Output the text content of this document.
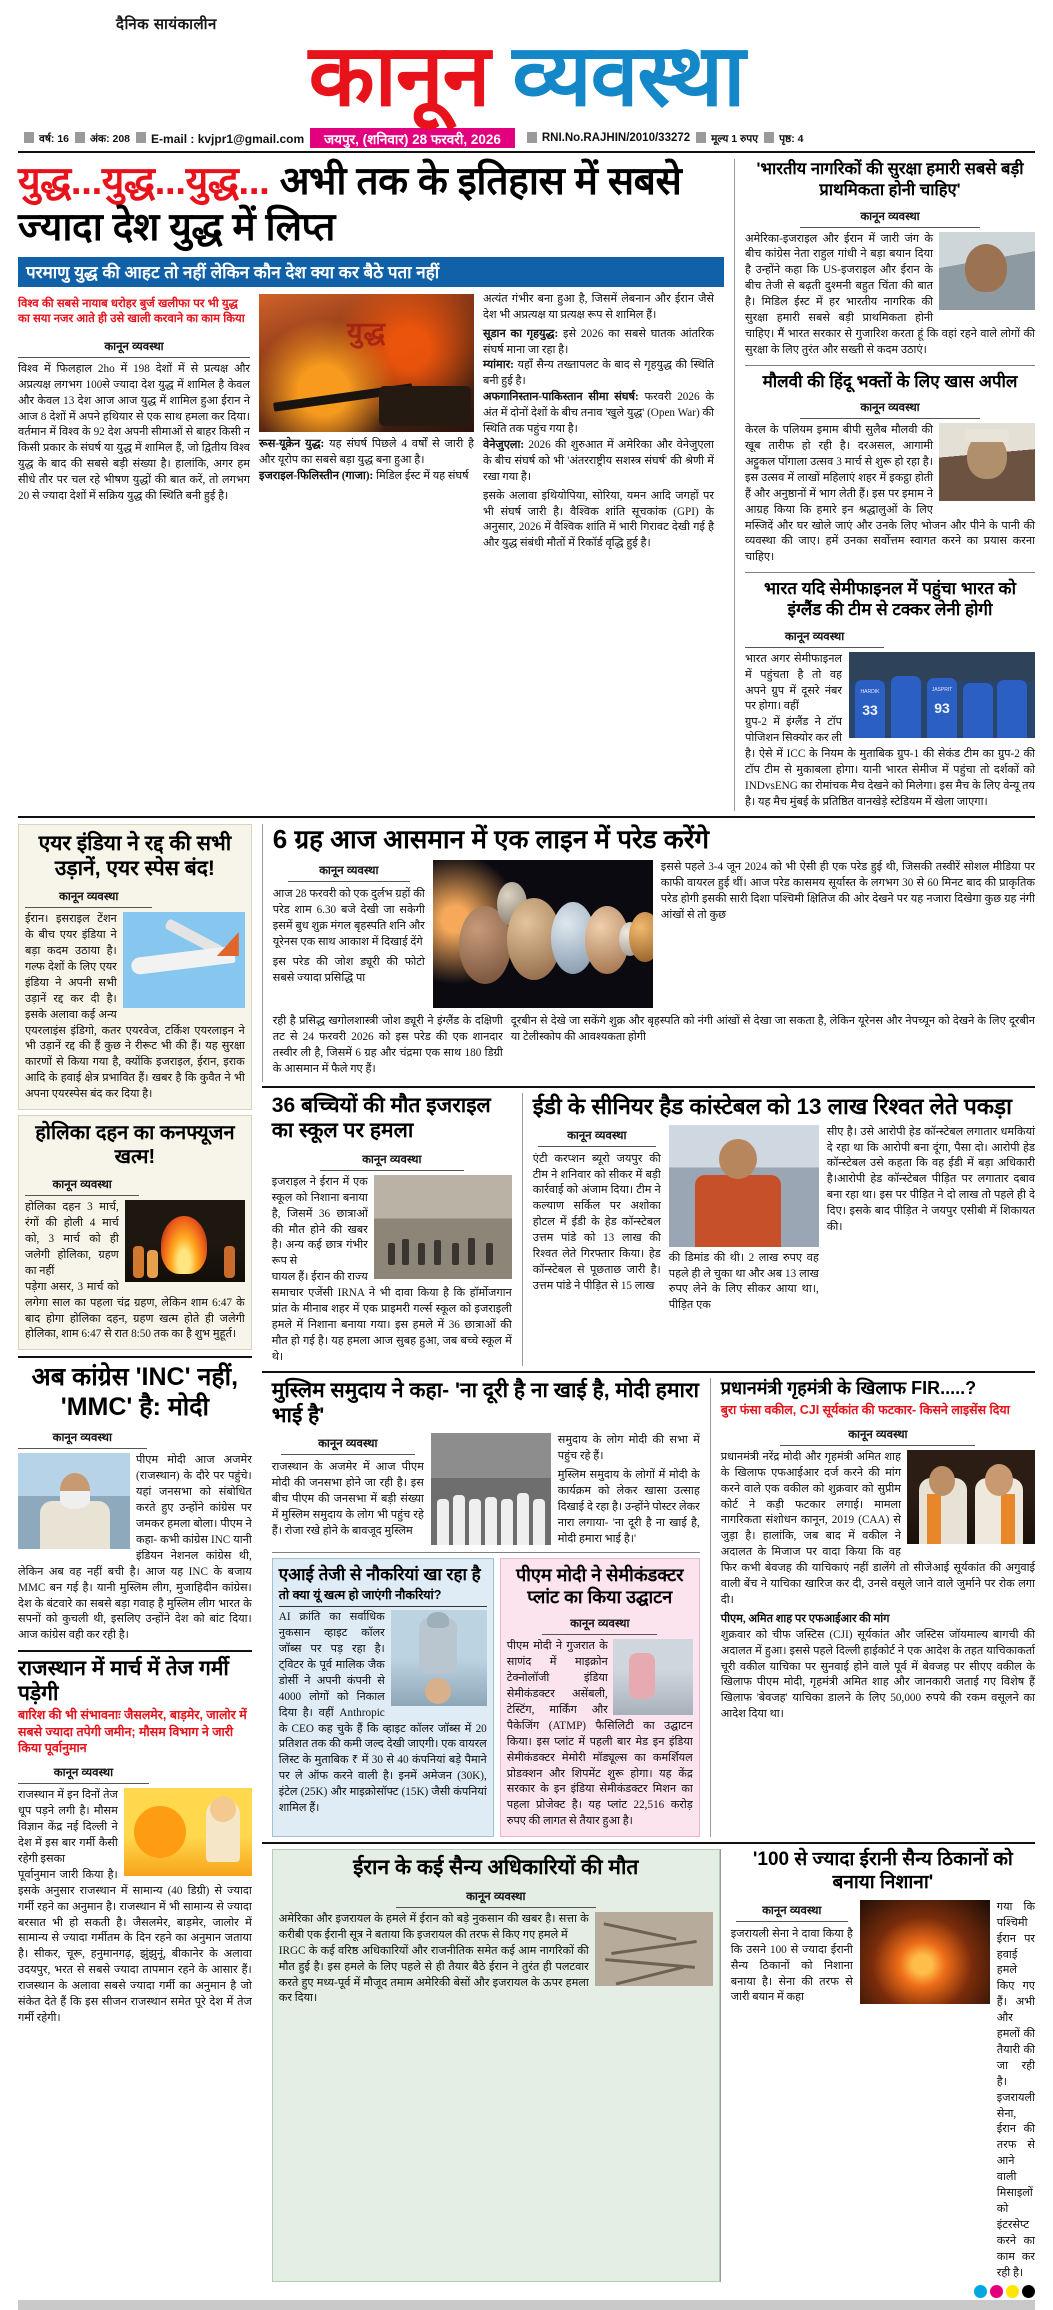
दैनिक सायंकालीन
कानून व्यवस्था
वर्ष: 16 अंक: 208 E-mail : kvjpr1@gmail.com	जयपुर, (शनिवार) 28 फरवरी, 2026	RNI.No.RAJHIN/2010/33272 मूल्य 1 रुपए पृष्ठ: 4
युद्ध...युद्ध...युद्ध... अभी तक के इतिहास में सबसे ज्यादा देश युद्ध में लिप्त
परमाणु युद्ध की आहट तो नहीं लेकिन कौन देश क्या कर बैठे पता नहीं
विश्व की सबसे नायाब धरोहर बुर्ज खलीफा पर भी युद्ध का सया नजर आते ही उसे खाली करवाने का काम किया
कानून व्यवस्था
विश्व में फिलहाल 2ho में 198 देशों में से प्रत्यक्ष और अप्रत्यक्ष लगभग 100से ज्यादा देश युद्ध में शामिल है केवल और केवल 13 देश आज आज युद्ध में शामिल हुआ ईरान ने आज 8 देशों में अपने हथियार से एक साथ हमला कर दिया। वर्तमान में विश्व के 92 देश अपनी सीमाओं से बाहर किसी न किसी प्रकार के संघर्ष या युद्ध में शामिल हैं, जो द्वितीय विश्व युद्ध के बाद की सबसे बड़ी संख्या है। हालांकि, अगर हम सीधे तौर पर चल रहे भीषण युद्धों की बात करें, तो लगभग 20 से ज्यादा देशों में सक्रिय युद्ध की स्थिति बनी हुई है।
युद्ध
रूस-यूक्रेन युद्ध: यह संघर्ष पिछले 4 वर्षों से जारी है और यूरोप का सबसे बड़ा युद्ध बना हुआ है।
इजराइल-फिलिस्तीन (गाजा): मिडिल ईस्ट में यह संघर्ष
अत्यंत गंभीर बना हुआ है, जिसमें लेबनान और ईरान जैसे देश भी अप्रत्यक्ष या प्रत्यक्ष रूप से शामिल हैं।
सूडान का गृहयुद्ध: इसे 2026 का सबसे घातक आंतरिक संघर्ष माना जा रहा है।
म्यांमार: यहाँ सैन्य तख्तापलट के बाद से गृहयुद्ध की स्थिति बनी हुई है।
अफगानिस्तान-पाकिस्तान सीमा संघर्ष: फरवरी 2026 के अंत में दोनों देशों के बीच तनाव 'खुले युद्ध' (Open War) की स्थिति तक पहुंच गया है।
वेनेजुएला: 2026 की शुरुआत में अमेरिका और वेनेजुएला के बीच संघर्ष को भी 'अंतरराष्ट्रीय सशस्त्र संघर्ष' की श्रेणी में रखा गया है।
इसके अलावा इथियोपिया, सोरिया, यमन आदि जगहों पर भी संघर्ष जारी है। वैश्विक शांति सूचकांक (GPI) के अनुसार, 2026 में वैश्विक शांति में भारी गिरावट देखी गई है और युद्ध संबंधी मौतों में रिकॉर्ड वृद्धि हुई है।
'भारतीय नागरिकों की सुरक्षा हमारी सबसे बड़ी प्राथमिकता होनी चाहिए'
कानून व्यवस्था
अमेरिका-इजराइल और ईरान में जारी जंग के बीच कांग्रेस नेता राहुल गांधी ने बड़ा बयान दिया है उन्होंने कहा कि US-इजराइल और ईरान के बीच तेजी से बढ़ती दुश्मनी बहुत चिंता की बात है। मिडिल ईस्ट में हर भारतीय नागरिक की सुरक्षा हमारी सबसे बड़ी प्राथमिकता होनी चाहिए। मैं भारत सरकार से गुजारिश करता हूं कि वहां रहने वाले लोगों की सुरक्षा के लिए तुरंत और सख्ती से कदम उठाएं।
मौलवी की हिंदू भक्तों के लिए खास अपील
कानून व्यवस्था
केरल के पलियम इमाम बीपी सुलैब मौलवी की खूब तारीफ हो रही है। दरअसल, आगामी अट्टुकल पोंगाला उत्सव 3 मार्च से शुरू हो रहा है। इस उत्सव में लाखों महिलाएं शहर में इकट्ठा होती हैं और अनुष्ठानों में भाग लेती हैं। इस पर इमाम ने आग्रह किया कि हमारे इन श्रद्धालुओं के लिए मस्जिदें और घर खोले जाएं और उनके लिए भोजन और पीने के पानी की व्यवस्था की जाए। हमें उनका सर्वोत्तम स्वागत करने का प्रयास करना चाहिए।
भारत यदि सेमीफाइनल में पहुंचा भारत को इंग्लैंड की टीम से टक्कर लेनी होगी
कानून व्यवस्था
HARDIK
33
JASPRIT
93
भारत अगर सेमीफाइनल में पहुंचता है तो वह अपने ग्रुप में दूसरे नंबर पर होगा। वहीं
ग्रुप-2 में इंग्लैंड ने टॉप पोजिशन सिक्योर कर ली है। ऐसे में ICC के नियम के मुताबिक ग्रुप-1 की सेकंड टीम का ग्रुप-2 की टॉप टीम से मुकाबला होगा। यानी भारत सेमीज में पहुंचा तो दर्शकों को INDvsENG का रोमांचक मैच देखने को मिलेगा। इस मैच के लिए वेन्यू तय है। यह मैच मुंबई के प्रतिष्ठित वानखेड़े स्टेडियम में खेला जाएगा।
एयर इंडिया ने रद्द की सभी उड़ानें, एयर स्पेस बंद!
कानून व्यवस्था
ईरान। इसराइल टेंशन के बीच एयर इंडिया ने बड़ा कदम उठाया है। गल्फ देशों के लिए एयर इंडिया ने अपनी सभी उड़ानें रद्द कर दी है। इसके अलावा कई अन्य एयरलाइंस इंडिगो, कतर एयरवेज, टर्किश एयरलाइन ने भी उड़ानें रद्द की हैं कुछ ने रीरूट भी की हैं। यह सुरक्षा कारणों से किया गया है, क्योंकि इजराइल, ईरान, इराक आदि के हवाई क्षेत्र प्रभावित हैं। खबर है कि कुवैत ने भी अपना एयरस्पेस बंद कर दिया है।
होलिका दहन का कनफ्यूजन खत्म!
कानून व्यवस्था
होलिका दहन 3 मार्च, रंगों की होली 4 मार्च को, 3 मार्च को ही जलेगी होलिका, ग्रहण का नहीं
पड़ेगा असर, 3 मार्च को लगेगा साल का पहला चंद्र ग्रहण, लेकिन शाम 6:47 के बाद होगा होलिका दहन, ग्रहण खत्म होते ही जलेगी होलिका, शाम 6:47 से रात 8:50 तक का है शुभ मुहूर्त।
अब कांग्रेस 'INC' नहीं, 'MMC' है: मोदी
कानून व्यवस्था
पीएम मोदी आज अजमेर (राजस्थान) के दौरे पर पहुंचे। यहां जनसभा को संबोधित करते हुए उन्होंने कांग्रेस पर जमकर हमला बोला। पीएम ने कहा- कभी कांग्रेस INC यानी इंडियन नेशनल कांग्रेस थी, लेकिन अब वह नहीं बची है। आज यह INC के बजाय MMC बन गई है। यानी मुस्लिम लीग, मुजाहिदीन कांग्रेस। देश के बंटवारे का सबसे बड़ा गवाह है मुस्लिम लीग भारत के सपनों को कुचली थी, इसलिए उन्होंने देश को बांट दिया। आज कांग्रेस वही कर रही है।
राजस्थान में मार्च में तेज गर्मी पड़ेगी
बारिश की भी संभावनाः जैसलमेर, बाड़मेर, जालोर में सबसे ज्यादा तपेगी जमीन; मौसम विभाग ने जारी किया पूर्वानुमान
कानून व्यवस्था
राजस्थान में इन दिनों तेज धूप पड़ने लगी है। मौसम विज्ञान केंद्र नई दिल्ली ने देश में इस बार गर्मी कैसी रहेगी इसका
पूर्वानुमान जारी किया है। इसके अनुसार राजस्थान में सामान्य (40 डिग्री) से ज्यादा गर्मी रहने का अनुमान है। राजस्थान में भी सामान्य से ज्यादा बरसात भी हो सकती है। जैसलमेर, बाड़मेर, जालोर में सामान्य से ज्यादा गर्मीतम के दिन रहने का अनुमान जताया है। सीकर, चूरू, हनुमानगढ़, झुंझुनूं, बीकानेर के अलावा उदयपुर, भरत से सबसे ज्यादा तापमान रहने के आसार हैं। राजस्थान के अलावा सबसे ज्यादा गर्मी का अनुमान है जो संकेत देते हैं कि इस सीजन राजस्थान समेत पूरे देश में तेज गर्मी रहेगी।
6 ग्रह आज आसमान में एक लाइन में परेड करेंगे
कानून व्यवस्था
आज 28 फरवरी को एक दुर्लभ ग्रहों की परेड शाम 6.30 बजे देखी जा सकेगी इसमें बुध शुक्र मंगल बृहस्पति शनि और यूरेनस एक साथ आकाश में दिखाई देंगे
इस परेड की जोश ड्यूरी की फोटो सबसे ज्यादा प्रसिद्धि पा
इससे पहले 3-4 जून 2024 को भी ऐसी ही एक परेड हुई थी, जिसकी तस्वीरें सोशल मीडिया पर काफी वायरल हुई थीं। आज परेड कासमय सूर्यास्त के लगभग 30 से 60 मिनट बाद की प्राकृतिक परेड होगी इसकी सारी दिशा पश्चिमी क्षितिज की ओर देखने पर यह नजारा दिखेगा कुछ ग्रह नंगी आंखों से तो कुछ
रही है प्रसिद्ध खगोलशास्त्री जोश ड्यूरी ने इंग्लैंड के दक्षिणी तट से 24 फरवरी 2026 को इस परेड की एक शानदार तस्वीर ली है, जिसमें 6 ग्रह और चंद्रमा एक साथ 180 डिग्री के आसमान में फैले गए हैं।
दूरबीन से देखे जा सकेंगे शुक्र और बृहस्पति को नंगी आंखों से देखा जा सकता है, लेकिन यूरेनस और नेपच्यून को देखने के लिए दूरबीन या टेलीस्कोप की आवश्यकता होगी
36 बच्चियों की मौत इजराइल का स्कूल पर हमला
कानून व्यवस्था
इजराइल ने ईरान में एक स्कूल को निशाना बनाया है, जिसमें 36 छात्राओं की मौत होने की खबर है। अन्य कई छात्र गंभीर रूप से
घायल हैं। ईरान की राज्य समाचार एजेंसी IRNA ने भी दावा किया है कि हॉर्मोजगान प्रांत के मीनाब शहर में एक प्राइमरी गर्ल्स स्कूल को इजराइली हमले में निशाना बनाया गया। इस हमले में 36 छात्राओं की मौत हो गई है। यह हमला आज सुबह हुआ, जब बच्चे स्कूल में थे।
ईडी के सीनियर हैड कांस्टेबल को 13 लाख रिश्वत लेते पकड़ा
कानून व्यवस्था
एंटी करप्शन ब्यूरो जयपुर की टीम ने शनिवार को सीकर में बड़ी कार्रवाई को अंजाम दिया। टीम ने कल्याण सर्किल पर अशोका होटल में ईडी के हेड कॉन्स्टेबल उत्तम पांडे को 13 लाख की रिश्वत लेते गिरफ्तार किया। हेड कॉन्स्टेबल से पूछताछ जारी है। उत्तम पांडे ने पीड़ित से 15 लाख
की डिमांड की थी। 2 लाख रुपए वह पहले ही ले चुका था और अब 13 लाख रुपए लेने के लिए सीकर आया था।, पीड़ित एक
सीए है। उसे आरोपी हेड कॉन्स्टेबल लगातार धमकियां दे रहा था कि आरोपी बना दूंगा, पैसा दो। आरोपी हेड कॉन्स्टेबल उसे कहता कि वह ईडी में बड़ा अधिकारी है।आरोपी हेड कॉन्स्टेबल पीड़ित पर लगातार दबाव बना रहा था। इस पर पीड़ित ने दो लाख तो पहले ही दे दिए। इसके बाद पीड़ित ने जयपुर एसीबी में शिकायत की।
मुस्लिम समुदाय ने कहा- 'ना दूरी है ना खाई है, मोदी हमारा भाई है'
कानून व्यवस्था
राजस्थान के अजमेर में आज पीएम मोदी की जनसभा होने जा रही है। इस बीच पीएम की जनसभा में बड़ी संख्या में मुस्लिम समुदाय के लोग भी पहुंच रहे हैं। रोजा रखे होने के बावजूद मुस्लिम
समुदाय के लोग मोदी की सभा में पहुंच रहे हैं।
मुस्लिम समुदाय के लोगों में मोदी के कार्यक्रम को लेकर खासा उत्साह दिखाई दे रहा है। उन्होंने पोस्टर लेकर नारा लगाया- 'ना दूरी है ना खाई है, मोदी हमारा भाई है।'
एआई तेजी से नौकरियां खा रहा है
तो क्या यूं खत्म हो जाएंगी नौकरियां?
AI क्रांति का सर्वाधिक नुकसान व्हाइट कॉलर जॉब्स पर पड़ रहा है। ट्विटर के पूर्व मालिक जैक डोर्सी ने अपनी कंपनी से 4000 लोगों को निकाल दिया है। वहीं Anthropic के CEO कह चुके हैं कि व्हाइट कॉलर जॉब्स में 20 प्रतिशत तक की कमी जल्द देखी जाएगी। एक वायरल लिस्ट के मुताबिक ₹ में 30 से 40 कंपनियां बड़े पैमाने पर ले ऑफ करने वाली है। इनमें अमेजन (30K), इंटेल (25K) और माइक्रोसॉफ्ट (15K) जैसी कंपनियां शामिल हैं।
पीएम मोदी ने सेमीकंडक्टर प्लांट का किया उद्घाटन
कानून व्यवस्था
पीएम मोदी ने गुजरात के साणंद में माइक्रोन टेक्नोलॉजी इंडिया सेमीकंडक्टर असेंबली, टेस्टिंग, मार्किंग और पैकेजिंग (ATMP) फैसिलिटी का उद्घाटन किया। इस प्लांट में पहली बार मेड इन इंडिया सेमीकंडक्टर मेमोरी मॉड्यूल्स का कमर्शियल प्रोडक्शन और शिपमेंट शुरू होगा। यह केंद्र सरकार के इन इंडिया सेमीकंडक्टर मिशन का पहला प्रोजेक्ट है। यह प्लांट 22,516 करोड़ रुपए की लागत से तैयार हुआ है।
प्रधानमंत्री गृहमंत्री के खिलाफ FIR.....?
बुरा फंसा वकील, CJI सूर्यकांत की फटकार- किसने लाइसेंस दिया
कानून व्यवस्था
प्रधानमंत्री नरेंद्र मोदी और गृहमंत्री अमित शाह के खिलाफ एफआईआर दर्ज करने की मांग करने वाले एक वकील को शुक्रवार को सुप्रीम कोर्ट ने कड़ी फटकार लगाई। मामला नागरिकता संशोधन कानून, 2019 (CAA) से जुड़ा है। हालांकि, जब बाद में वकील ने अदालत के मिजाज पर वादा किया कि वह फिर कभी बेवजह की याचिकाएं नहीं डालेंगे तो सीजेआई सूर्यकांत की अगुवाई वाली बेंच ने याचिका खारिज कर दी, उनसे वसूले जाने वाले जुर्माने पर रोक लगा दी।
पीएम, अमित शाह पर एफआईआर की मांग
शुक्रवार को चीफ जस्टिस (CJI) सूर्यकांत और जस्टिस जॉयमाल्य बागची की अदालत में हुआ। इससे पहले दिल्ली हाईकोर्ट ने एक आदेश के तहत याचिकाकर्ता चूरी वकील याचिका पर सुनवाई होने वाले पूर्व में बेवजह पर सीएए वकील के खिलाफ पीएम मोदी, गृहमंत्री अमित शाह और जानकारी जताई गए विशेष हैं खिलाफ 'बेवजह' याचिका डालने के लिए 50,000 रुपये की रकम वसूलने का आदेश दिया था।
ईरान के कई सैन्य अधिकारियों की मौत
कानून व्यवस्था
अमेरिका और इजरायल के हमले में ईरान को बड़े नुकसान की खबर है। सत्ता के करीबी एक ईरानी सूत्र ने बताया कि इजरायल की तरफ से किए गए हमले में
IRGC के कई वरिष्ठ अधिकारियों और राजनीतिक समेत कई आम नागरिकों की मौत हुई है। इस हमले के लिए पहले से ही तैयार बैठे ईरान ने तुरंत ही पलटवार करते हुए मध्य-पूर्व में मौजूद तमाम अमेरिकी बेसों और इजरायल के ऊपर हमला कर दिया।
'100 से ज्यादा ईरानी सैन्य ठिकानों को बनाया निशाना'
कानून व्यवस्था
इजरायली सेना ने दावा किया है कि उसने 100 से ज्यादा ईरानी सैन्य ठिकानों को निशाना बनाया है। सेना की तरफ से जारी बयान में कहा
गया कि पश्चिमी ईरान पर हवाई हमले किए गए हैं। अभी और हमलों की तैयारी की जा रही है। इजरायली सेना, ईरान की तरफ से आने वाली मिसाइलों को इंटरसेप्ट करने का काम कर रही है।
